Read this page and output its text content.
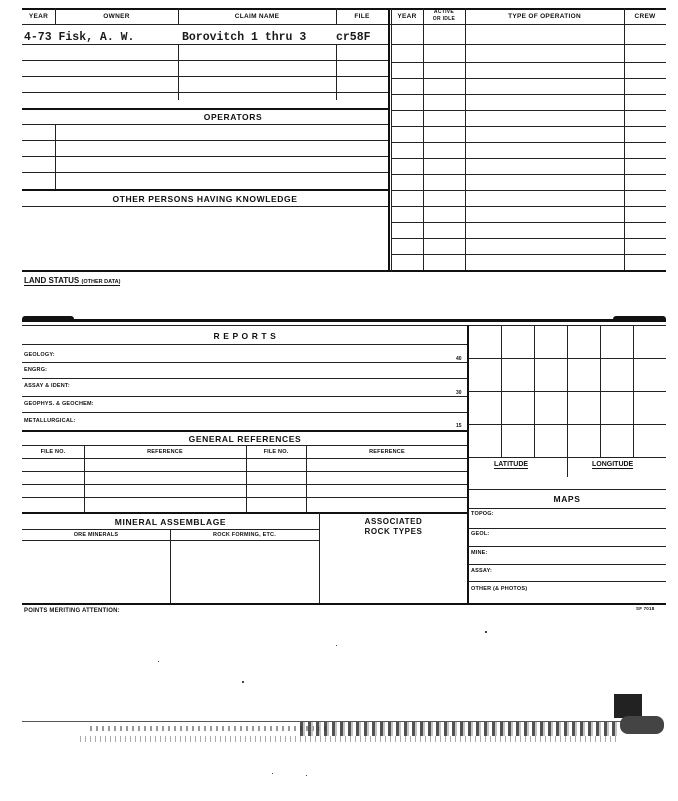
YEAR	OWNER	CLAIM NAME	FILE	YEAR
ACTIVE
OR IDLE	TYPE OF OPERATION	CREW
4-73 Fisk, A. W.	Borovitch 1 thru 3	cr58F
OPERATORS
OTHER PERSONS HAVING KNOWLEDGE
LAND STATUS (OTHER DATA)
R E P O R T S
GEOLOGY:
40
ENGRG:
ASSAY & IDENT:
30
GEOPHYS. & GEOCHEM:
METALLURGICAL:
15
GENERAL REFERENCES
FILE NO.	REFERENCE	FILE NO.	REFERENCE
MINERAL ASSEMBLAGE
ORE MINERALS	ROCK FORMING, ETC.
ASSOCIATED
ROCK TYPES
LATITUDE	LONGITUDE
MAPS
TOPOG:
GEOL:
MINE:
ASSAY:
OTHER (& PHOTOS)
POINTS MERITING ATTENTION:	SF 7018
